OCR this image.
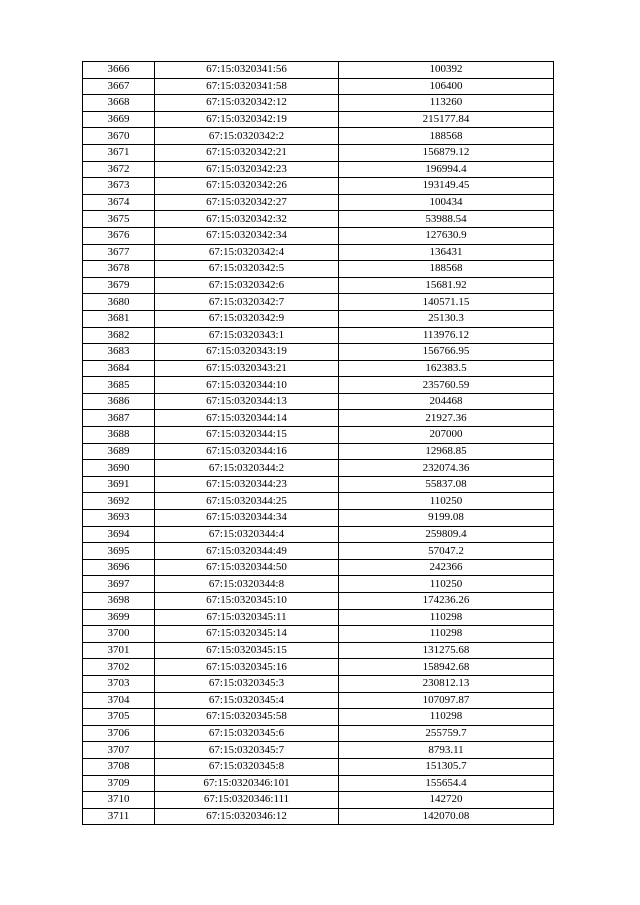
3666	67:15:0320341:56	100392
3667	67:15:0320341:58	106400
3668	67:15:0320342:12	113260
3669	67:15:0320342:19	215177.84
3670	67:15:0320342:2	188568
3671	67:15:0320342:21	156879.12
3672	67:15:0320342:23	196994.4
3673	67:15:0320342:26	193149.45
3674	67:15:0320342:27	100434
3675	67:15:0320342:32	53988.54
3676	67:15:0320342:34	127630.9
3677	67:15:0320342:4	136431
3678	67:15:0320342:5	188568
3679	67:15:0320342:6	15681.92
3680	67:15:0320342:7	140571.15
3681	67:15:0320342:9	25130.3
3682	67:15:0320343:1	113976.12
3683	67:15:0320343:19	156766.95
3684	67:15:0320343:21	162383.5
3685	67:15:0320344:10	235760.59
3686	67:15:0320344:13	204468
3687	67:15:0320344:14	21927.36
3688	67:15:0320344:15	207000
3689	67:15:0320344:16	12968.85
3690	67:15:0320344:2	232074.36
3691	67:15:0320344:23	55837.08
3692	67:15:0320344:25	110250
3693	67:15:0320344:34	9199.08
3694	67:15:0320344:4	259809.4
3695	67:15:0320344:49	57047.2
3696	67:15:0320344:50	242366
3697	67:15:0320344:8	110250
3698	67:15:0320345:10	174236.26
3699	67:15:0320345:11	110298
3700	67:15:0320345:14	110298
3701	67:15:0320345:15	131275.68
3702	67:15:0320345:16	158942.68
3703	67:15:0320345:3	230812.13
3704	67:15:0320345:4	107097.87
3705	67:15:0320345:58	110298
3706	67:15:0320345:6	255759.7
3707	67:15:0320345:7	8793.11
3708	67:15:0320345:8	151305.7
3709	67:15:0320346:101	155654.4
3710	67:15:0320346:111	142720
3711	67:15:0320346:12	142070.08
